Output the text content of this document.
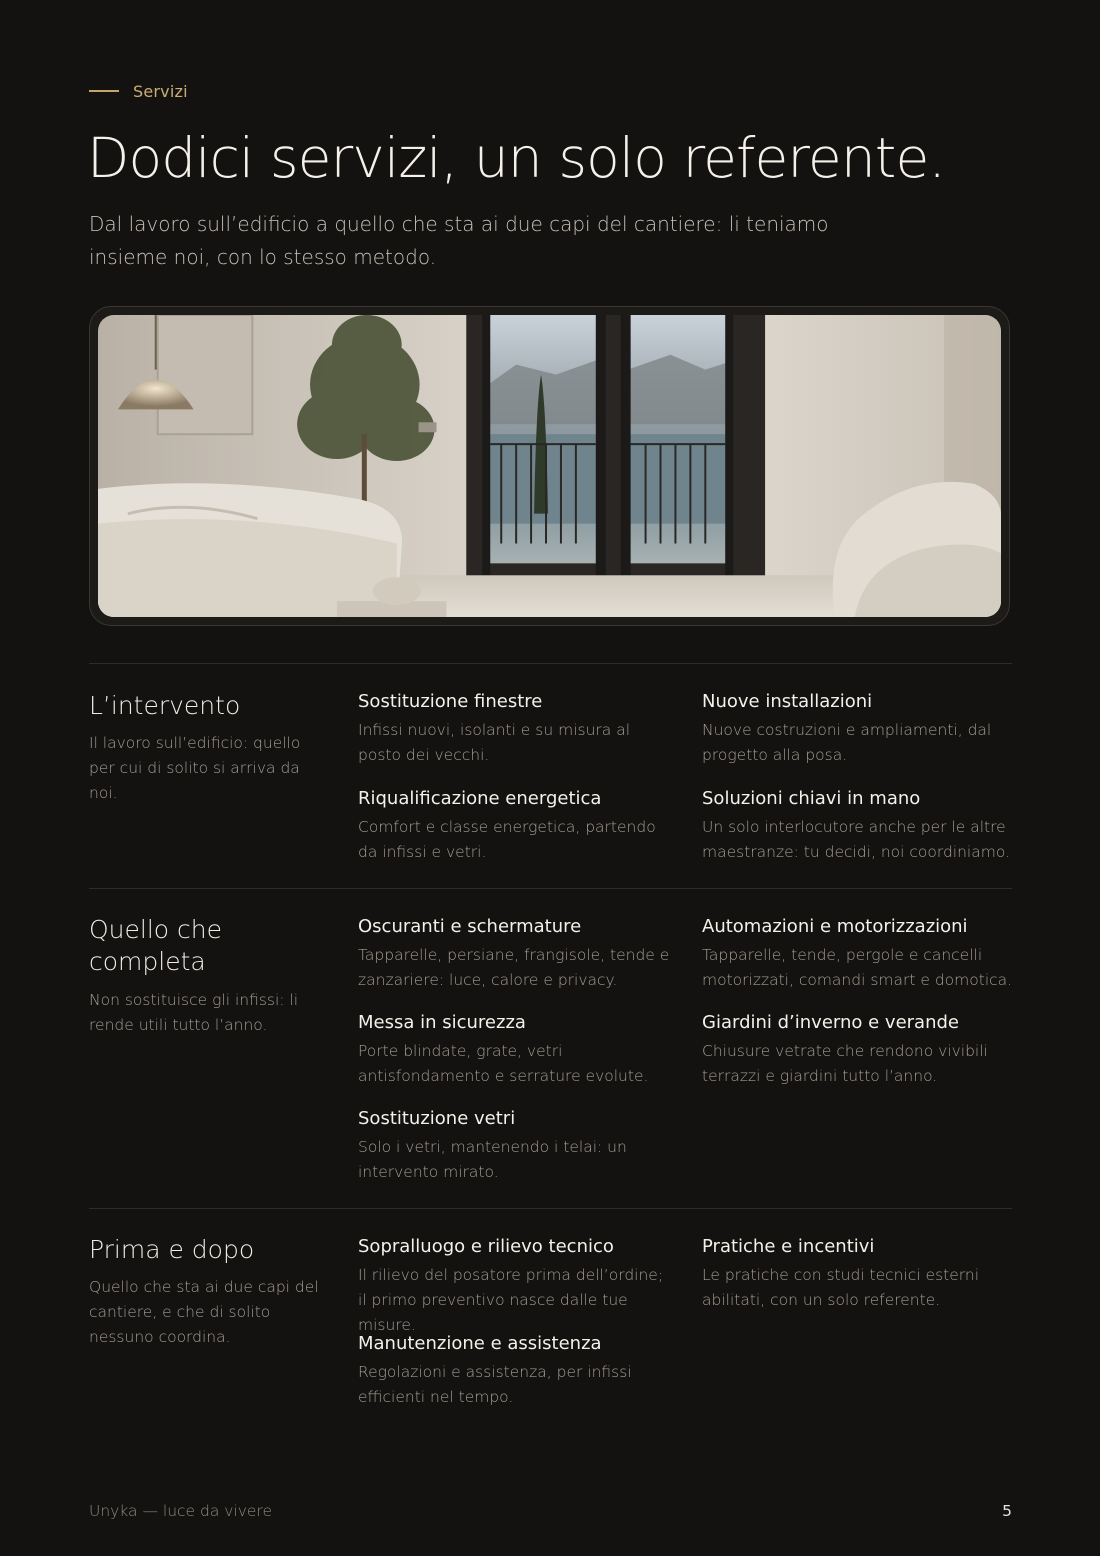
Servizi
Dodici servizi, un solo referente.

Dal lavoro sull’edificio a quello che sta ai due capi del cantiere: li teniamo insieme noi, con lo stesso metodo.

L’intervento

Il lavoro sull’edificio: quello per cui di solito si arriva da noi.

Sostituzione finestre

Infissi nuovi, isolanti e su misura al posto dei vecchi.

Nuove installazioni

Nuove costruzioni e ampliamenti, dal progetto alla posa.

Riqualificazione energetica

Comfort e classe energetica, partendo da infissi e vetri.

Soluzioni chiavi in mano

Un solo interlocutore anche per le altre maestranze: tu decidi, noi coordiniamo.

Quello che completa

Non sostituisce gli infissi: li rende utili tutto l’anno.

Oscuranti e schermature

Tapparelle, persiane, frangisole, tende e zanzariere: luce, calore e privacy.

Automazioni e motorizzazioni

Tapparelle, tende, pergole e cancelli motorizzati, comandi smart e domotica.

Messa in sicurezza

Porte blindate, grate, vetri antisfondamento e serrature evolute.

Giardini d’inverno e verande

Chiusure vetrate che rendono vivibili terrazzi e giardini tutto l’anno.

Sostituzione vetri

Solo i vetri, mantenendo i telai: un intervento mirato.

Prima e dopo

Quello che sta ai due capi del cantiere, e che di solito nessuno coordina.

Sopralluogo e rilievo tecnico

Il rilievo del posatore prima dell’ordine; il primo preventivo nasce dalle tue misure.

Pratiche e incentivi

Le pratiche con studi tecnici esterni abilitati, con un solo referente.

Manutenzione e assistenza

Regolazioni e assistenza, per infissi efficienti nel tempo.

Unyka — luce da vivere	5
